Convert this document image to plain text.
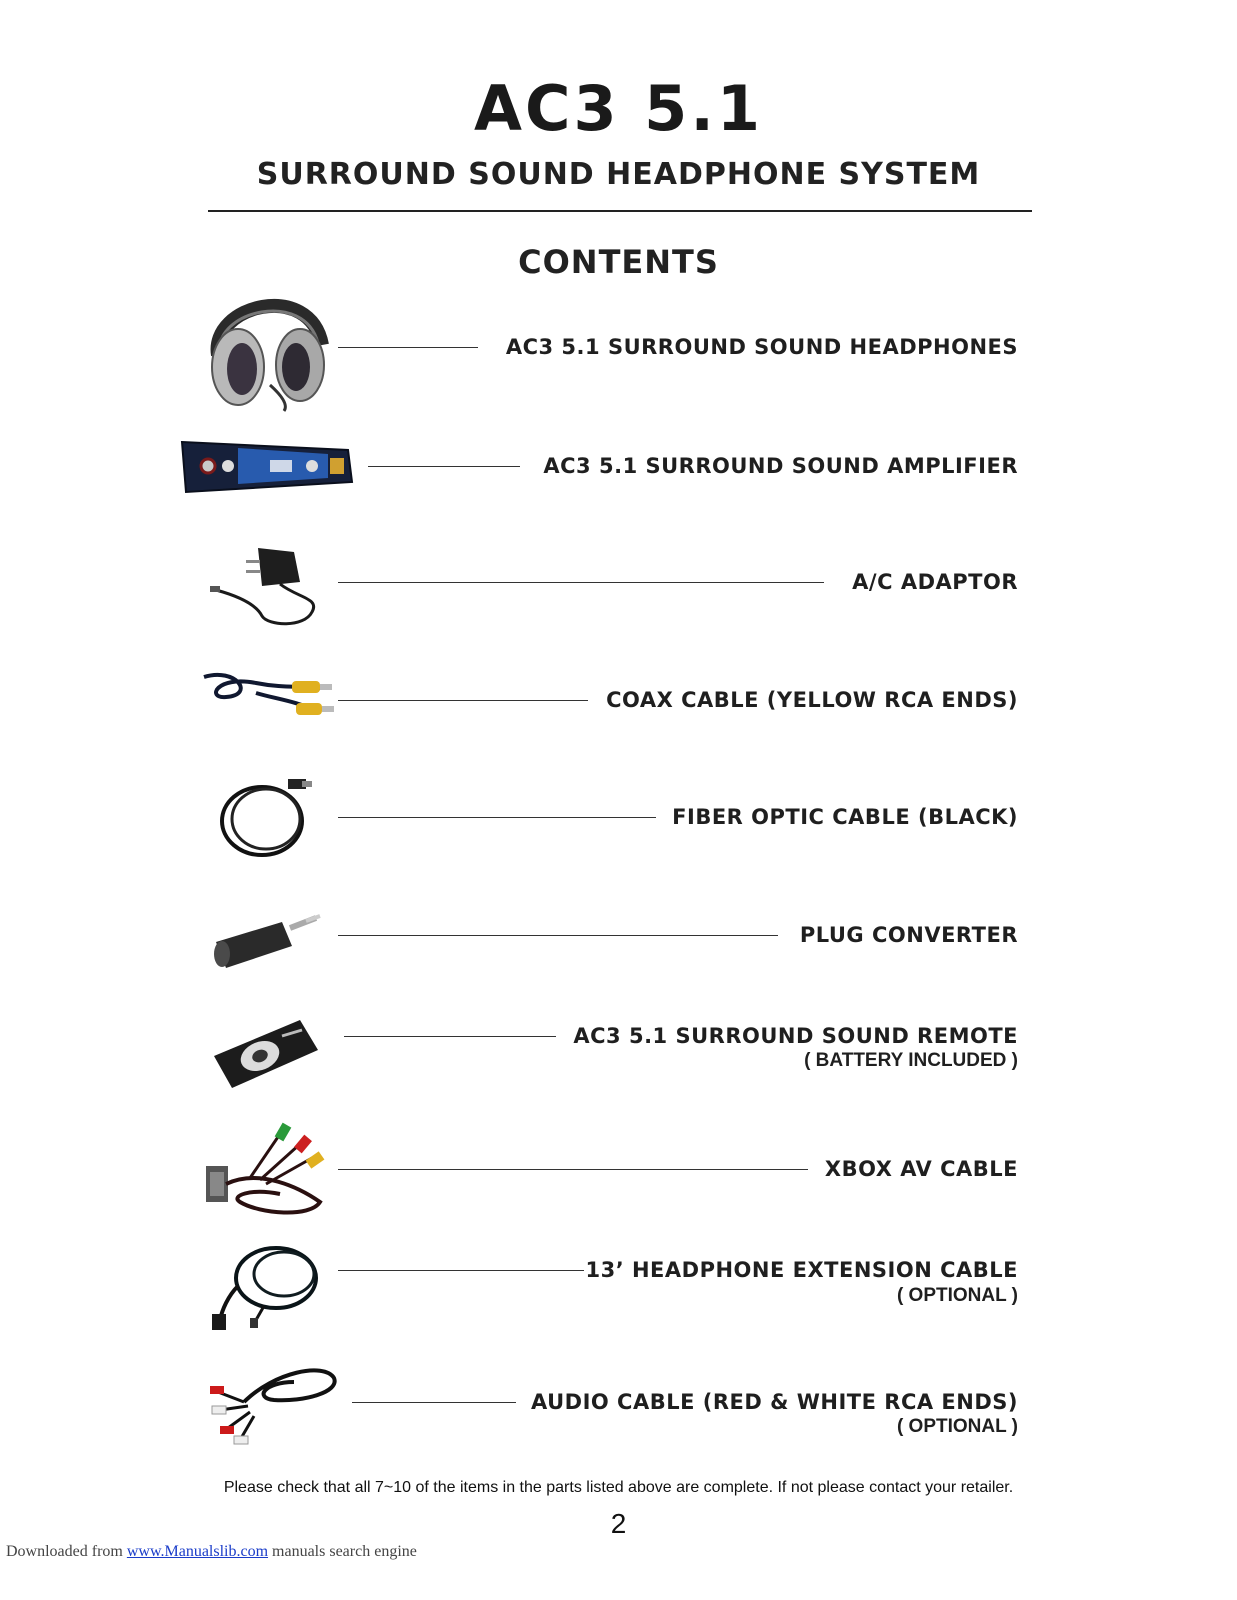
AC3 5.1
SURROUND SOUND HEADPHONE SYSTEM
CONTENTS
AC3 5.1 SURROUND SOUND HEADPHONES
AC3 5.1 SURROUND SOUND AMPLIFIER
A/C ADAPTOR
COAX CABLE (YELLOW RCA ENDS)
FIBER OPTIC CABLE (BLACK)
PLUG CONVERTER
AC3 5.1 SURROUND SOUND REMOTE
( BATTERY INCLUDED )
XBOX AV CABLE
13’ HEADPHONE EXTENSION CABLE
( OPTIONAL )
AUDIO CABLE (RED & WHITE RCA ENDS)
( OPTIONAL )
Please check that all 7~10 of the items in the parts listed above are complete. If not please contact your retailer.
2
Downloaded from www.Manualslib.com manuals search engine
